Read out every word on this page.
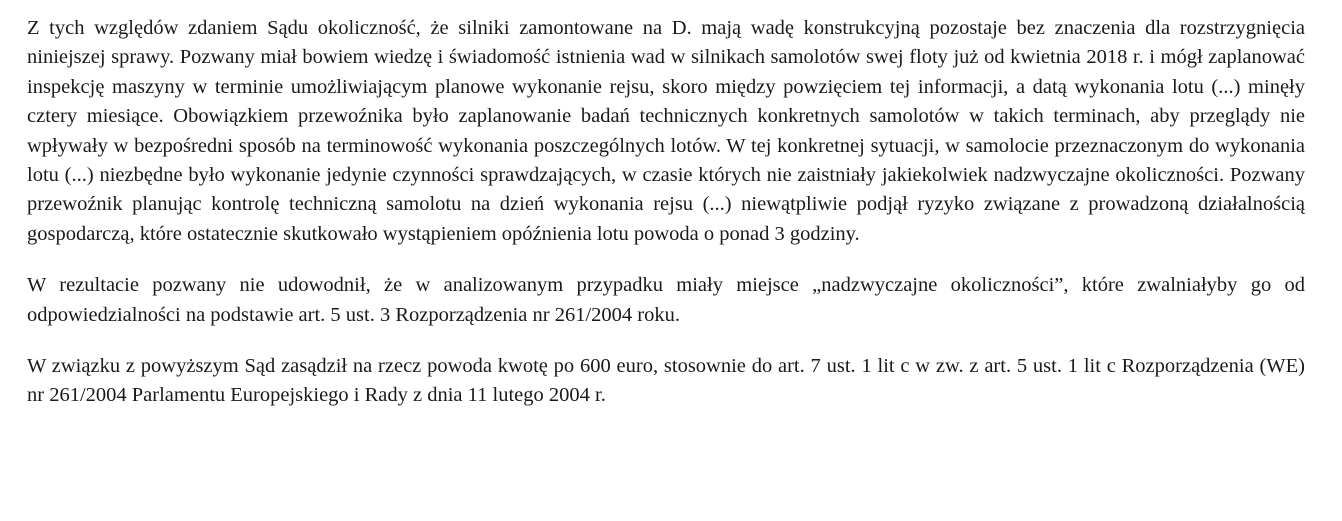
Z tych względów zdaniem Sądu okoliczność, że silniki zamontowane na D. mają wadę konstrukcyjną pozostaje bez znaczenia dla rozstrzygnięcia niniejszej sprawy. Pozwany miał bowiem wiedzę i świadomość istnienia wad w silnikach samolotów swej floty już od kwietnia 2018 r. i mógł zaplanować inspekcję maszyny w terminie umożliwiającym planowe wykonanie rejsu, skoro między powzięciem tej informacji, a datą wykonania lotu (...) minęły cztery miesiące. Obowiązkiem przewoźnika było zaplanowanie badań technicznych konkretnych samolotów w takich terminach, aby przeglądy nie wpływały w bezpośredni sposób na terminowość wykonania poszczególnych lotów. W tej konkretnej sytuacji, w samolocie przeznaczonym do wykonania lotu (...) niezbędne było wykonanie jedynie czynności sprawdzających, w czasie których nie zaistniały jakiekolwiek nadzwyczajne okoliczności. Pozwany przewoźnik planując kontrolę techniczną samolotu na dzień wykonania rejsu (...) niewątpliwie podjął ryzyko związane z prowadzoną działalnością gospodarczą, które ostatecznie skutkowało wystąpieniem opóźnienia lotu powoda o ponad 3 godziny.

W rezultacie pozwany nie udowodnił, że w analizowanym przypadku miały miejsce „nadzwyczajne okoliczności”, które zwalniałyby go od odpowiedzialności na podstawie art. 5 ust. 3 Rozporządzenia nr 261/2004 roku.

W związku z powyższym Sąd zasądził na rzecz powoda kwotę po 600 euro, stosownie do art. 7 ust. 1 lit c w zw. z art. 5 ust. 1 lit c Rozporządzenia (WE) nr 261/2004 Parlamentu Europejskiego i Rady z dnia 11 lutego 2004 r.
